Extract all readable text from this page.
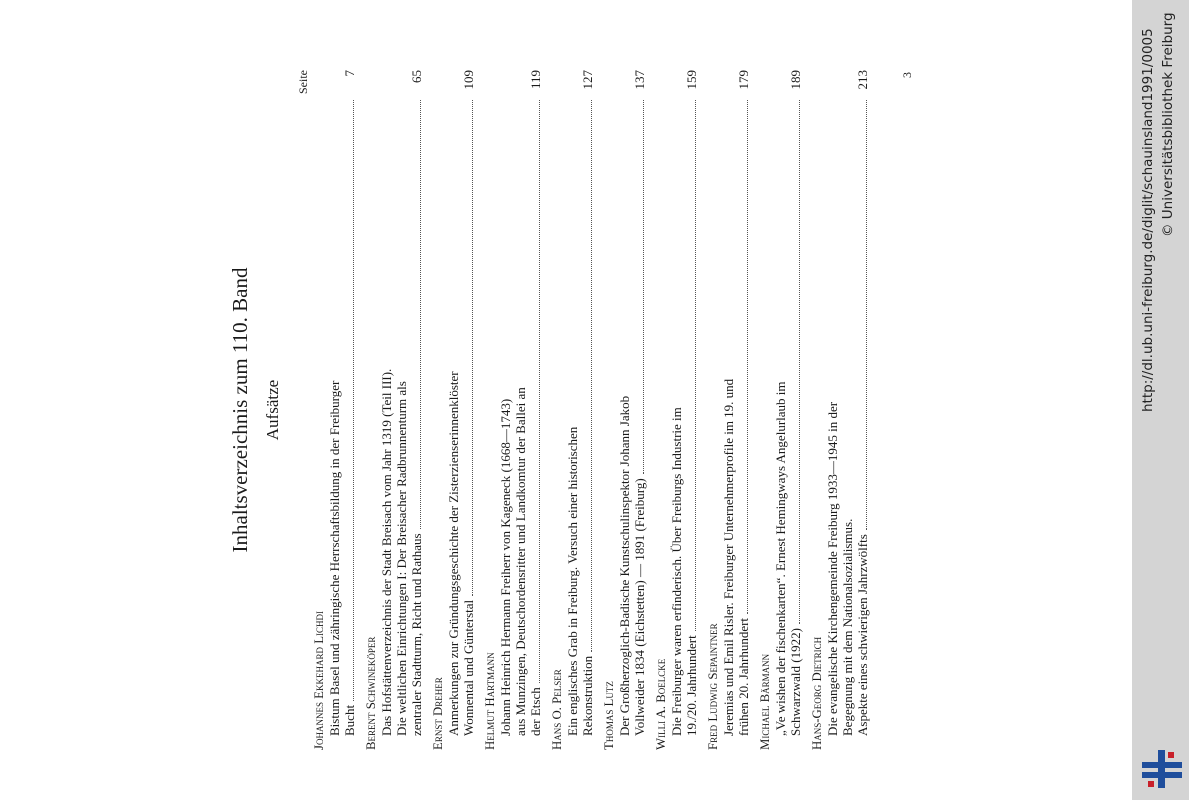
http://dl.ub.uni-freiburg.de/diglit/schauinsland1991/0005 © Universitätsbibliothek Freiburg
Inhaltsverzeichnis zum 110. Band Aufsätze
Seite
Johannes Ekkehard Lichdi Bistum Basel und zähringische Herrschaftsbildung in der Freiburger Bucht
7
Berent Schwineköper Das Hofstättenverzeichnis der Stadt Breisach vom Jahr 1319 (Teil III). Die weltlichen Einrichtungen I: Der Breisacher Radbrunnenturm als zentraler Stadtturm, Richt und Rathaus
65
Ernst Dreher Anmerkungen zur Gründungsgeschichte der Zisterzienserinnenklöster Wonnental und Günterstal
109
Helmut Hartmann Johann Heinrich Hermann Freiherr von Kageneck (1668—1743) aus Munzingen, Deutschordensritter und Landkomtur der Ballei an der Etsch
119
Hans O. Pelser Ein englisches Grab in Freiburg. Versuch einer historischen Rekonstruktion
127
Thomas Lutz Der Großherzoglich-Badische Kunstschulinspektor Johann Jakob Vollweider 1834 (Eichstetten) — 1891 (Freiburg)
137
Willi A. Boelcke Die Freiburger waren erfinderisch. Über Freiburgs Industrie im 19./20. Jahrhundert
159
Fred Ludwig Sepaintner Jeremias und Emil Risler. Freiburger Unternehmerprofile im 19. und frühen 20. Jahrhundert
179
Michael Bärmann „Ve wishen der fischenkarten“. Ernest Hemingways Angelurlaub im Schwarzwald (1922)
189
Hans-Georg Dietrich Die evangelische Kirchengemeinde Freiburg 1933—1945 in der Begegnung mit dem Nationalsozialismus. Aspekte eines schwierigen Jahrzwölfts
213	3
